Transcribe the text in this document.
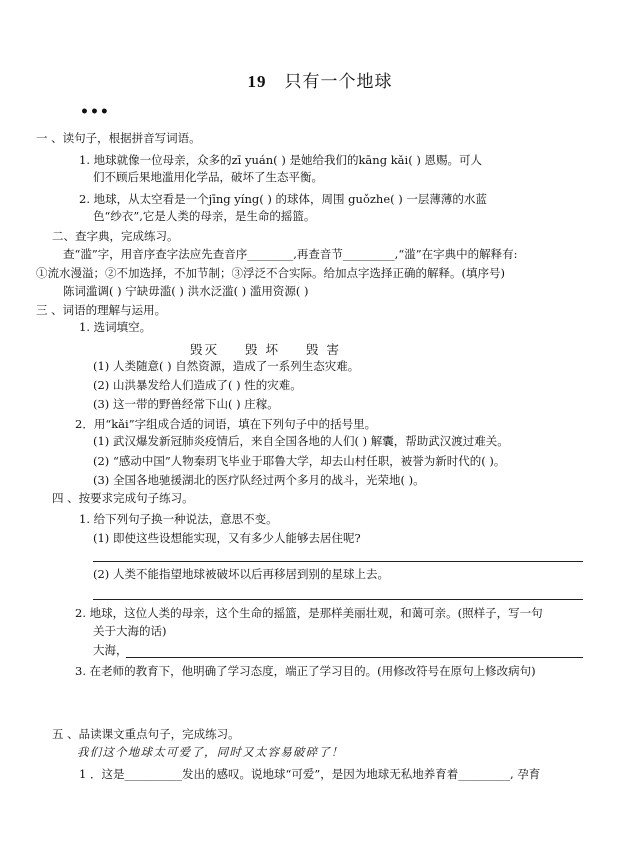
19 只有一个地球
•••
一 、读句子，根据拼音写词语。
1. 地球就像一位母亲，众多的zī yuán( ) 是她给我们的kāng kǎi( ) 恩赐。可人
们不顾后果地滥用化学品，破坏了生态平衡。
2. 地球，从太空看是一个jīng yíng( ) 的球体，周围 guǒzhe( ) 一层薄薄的水蓝
色“纱衣”,它是人类的母亲，是生命的摇篮。
二、查字典，完成练习。
查“滥”字，用音序查字法应先查音序________,再查音节_________,“滥”在字典中的解释有:
①流水漫溢；②不加选择，不加节制；③浮泛不合实际。给加点字选择正确的解释。(填序号)
陈词滥调( ) 宁缺毋滥( ) 洪水泛滥( ) 滥用资源( )
三 、词语的理解与运用。
1. 选词填空。
毁灭 毁 坏 毁 害
(1) 人类随意( ) 自然资源，造成了一系列生态灾难。
(2) 山洪暴发给人们造成了( ) 性的灾难。
(3) 这一带的野兽经常下山( ) 庄稼。
2．用“kǎi”字组成合适的词语，填在下列句子中的括号里。
(1) 武汉爆发新冠肺炎疫情后，来自全国各地的人们( ) 解囊，帮助武汉渡过难关。
(2) “感动中国”人物秦玥飞毕业于耶鲁大学，却去山村任职，被誉为新时代的( )。
(3) 全国各地驰援湖北的医疗队经过两个多月的战斗，光荣地( )。
四 、按要求完成句子练习。
1. 给下列句子换一种说法，意思不变。
(1) 即使这些设想能实现，又有多少人能够去居住呢?
(2) 人类不能指望地球被破坏以后再移居到别的星球上去。
2. 地球，这位人类的母亲，这个生命的摇篮，是那样美丽壮观，和蔼可亲。(照样子，写一句
关于大海的话)
大海，
3. 在老师的教育下，他明确了学习态度，端正了学习目的。(用修改符号在原句上修改病句)
五 、品读课文重点句子，完成练习。
我们这个地球太可爱了，同时又太容易破碎了！
1 ．这是__________发出的感叹。说地球“可爱”，是因为地球无私地养育着_________, 孕育
